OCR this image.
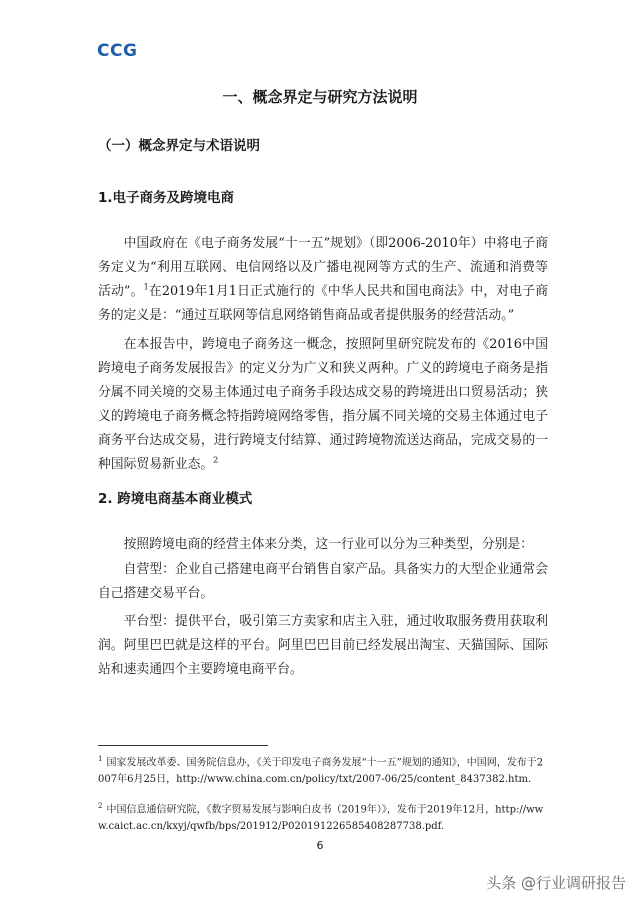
CCG
一、概念界定与研究方法说明
（一）概念界定与术语说明
1.电子商务及跨境电商

中国政府在《电子商务发展“十一五”规划》（即2006-2010年）中将电子商务定义为“利用互联网、电信网络以及广播电视网等方式的生产、流通和消费等活动”。$^1$在2019年1月1日正式施行的《中华人民共和国电商法》中，对电子商务的定义是：“通过互联网等信息网络销售商品或者提供服务的经营活动。”

在本报告中，跨境电子商务这一概念，按照阿里研究院发布的《2016中国跨境电子商务发展报告》的定义分为广义和狭义两种。广义的跨境电子商务是指分属不同关境的交易主体通过电子商务手段达成交易的跨境进出口贸易活动；狭义的跨境电子商务概念特指跨境网络零售，指分属不同关境的交易主体通过电子商务平台达成交易，进行跨境支付结算、通过跨境物流送达商品，完成交易的一种国际贸易新业态。$^2$

2. 跨境电商基本商业模式

按照跨境电商的经营主体来分类，这一行业可以分为三种类型，分别是：

自营型：企业自己搭建电商平台销售自家产品。具备实力的大型企业通常会自己搭建交易平台。

平台型：提供平台，吸引第三方卖家和店主入驻，通过收取服务费用获取利润。阿里巴巴就是这样的平台。阿里巴巴目前已经发展出淘宝、天猫国际、国际站和速卖通四个主要跨境电商平台。

$^1$ 国家发展改革委、国务院信息办，《关于印发电子商务发展“十一五”规划的通知》，中国网，发布于2007年6月25日，http://www.china.com.cn/policy/txt/2007-06/25/content_8437382.htm.

$^2$ 中国信息通信研究院，《数字贸易发展与影响白皮书（2019年）》，发布于2019年12月，http://www.caict.ac.cn/kxyj/qwfb/bps/201912/P020191226585408287738.pdf.

6
头条 @行业调研报告
